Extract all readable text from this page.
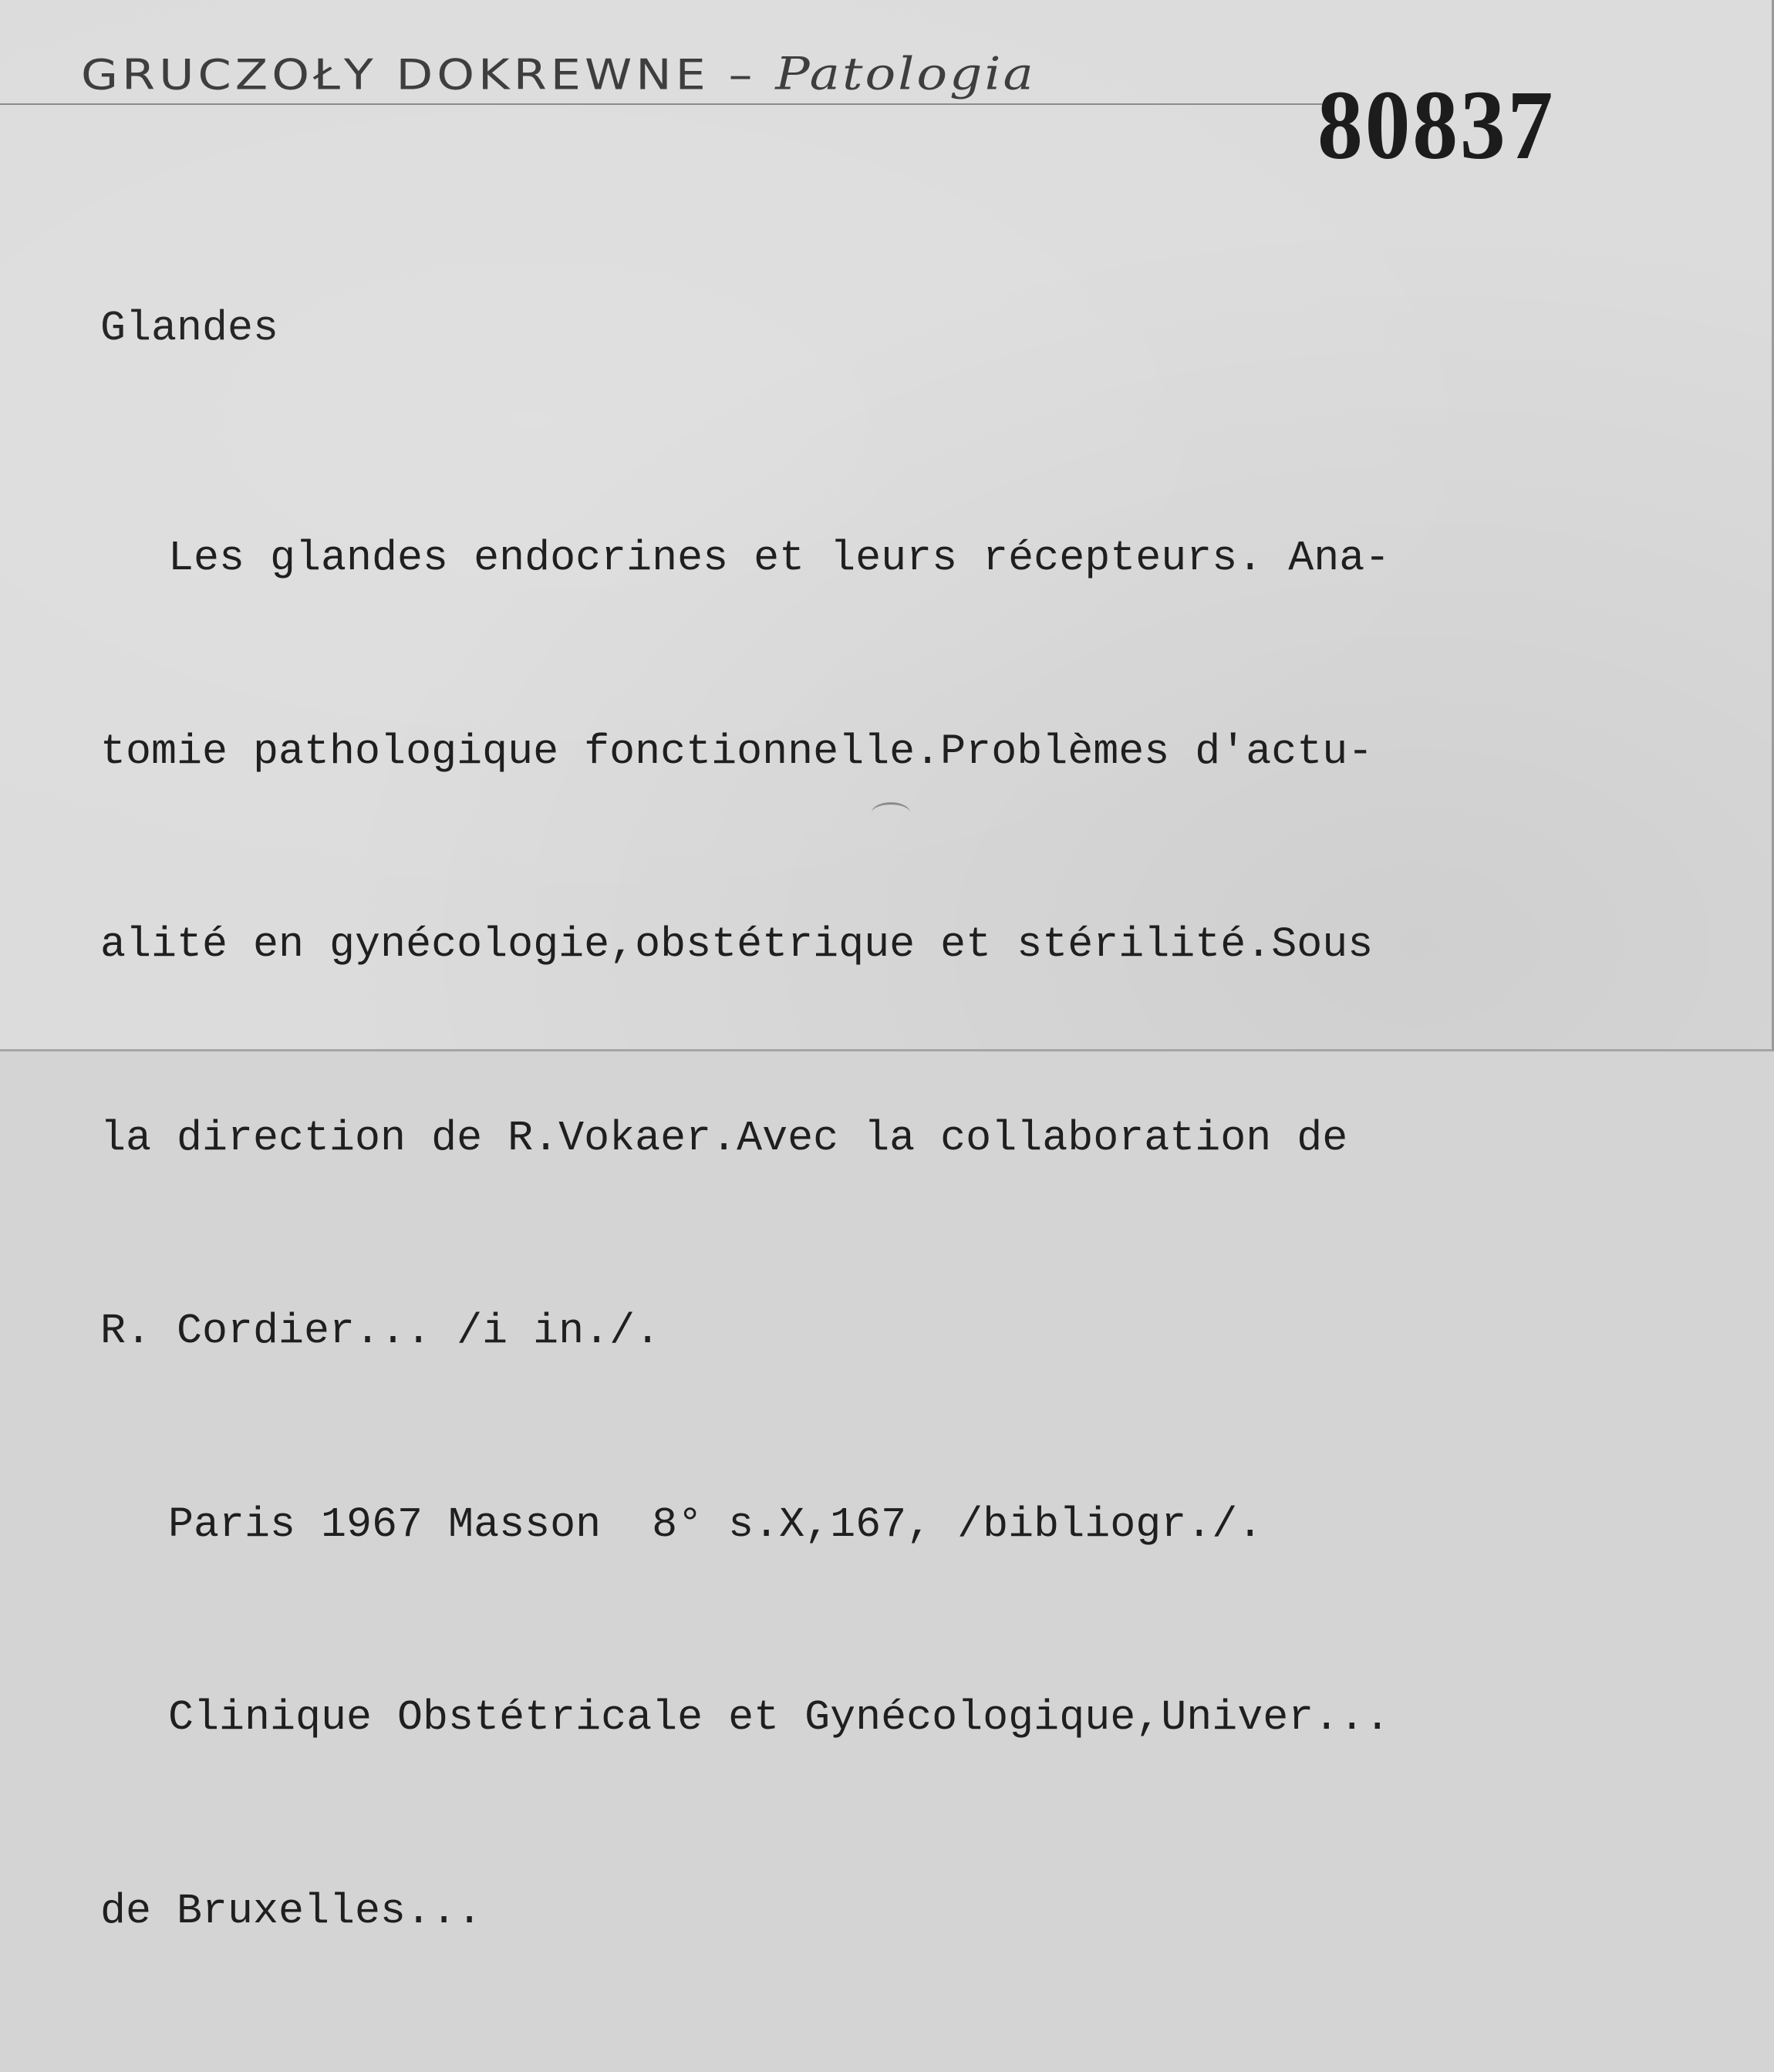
GRUCZOŁY DOKREWNE – Patologia	80837
Glandes

Les glandes endocrines et leurs récepteurs. Ana-

tomie pathologique fonctionnelle.Problèmes d'actu-

alité en gynécologie,obstétrique et stérilité.Sous

la direction de R.Vokaer.Avec la collaboration de

R. Cordier... /i in./.

Paris 1967 Masson  8° s.X,167, /bibliogr./.

Clinique Obstétricale et Gynécologique,Univer...

de Bruxelles...
